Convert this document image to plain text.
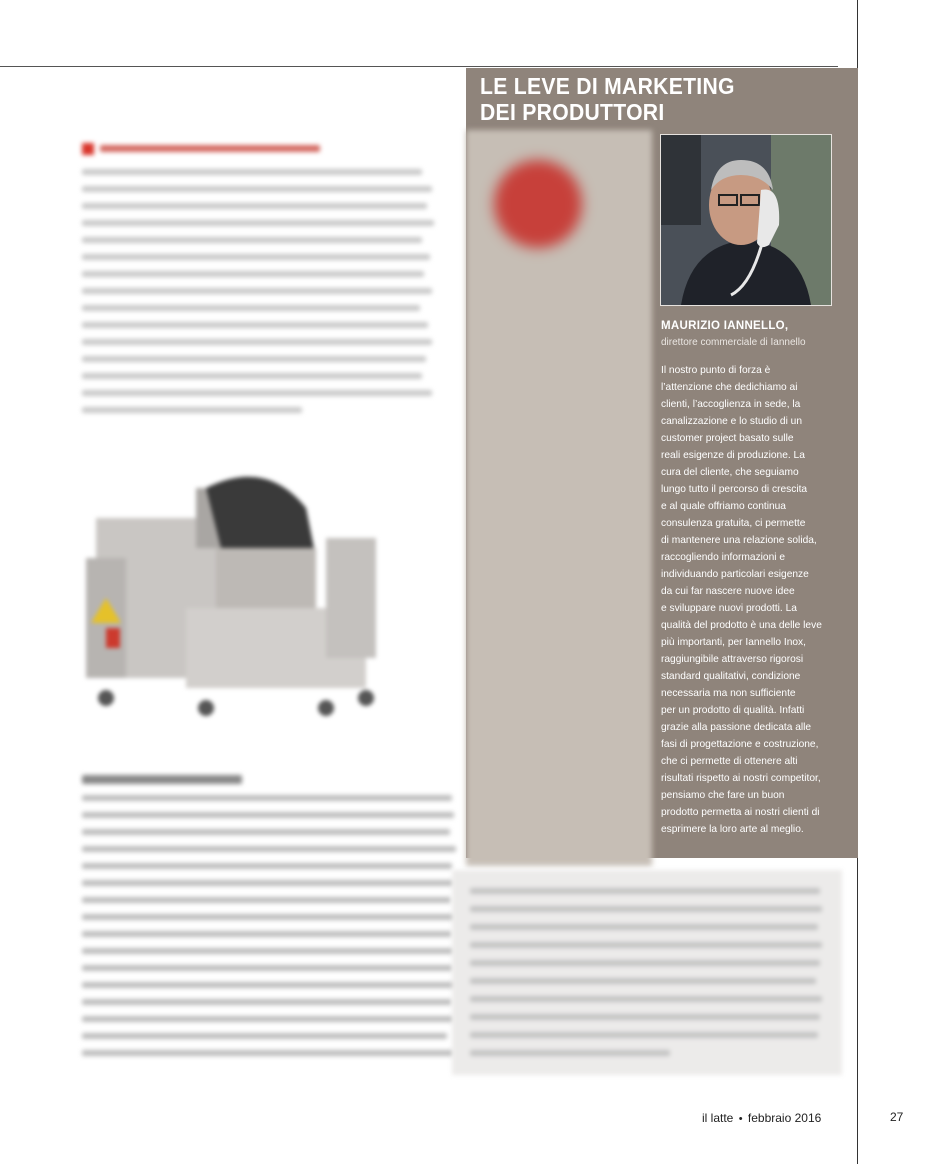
LE LEVE DI MARKETING
DEI PRODUTTORI
MAURIZIO IANNELLO,
direttore commerciale di Iannello
Il nostro punto di forza è
l’attenzione che dedichiamo ai
clienti, l’accoglienza in sede, la
canalizzazione e lo studio di un
customer project basato sulle
reali esigenze di produzione. La
cura del cliente, che seguiamo
lungo tutto il percorso di crescita
e al quale offriamo continua
consulenza gratuita, ci permette
di mantenere una relazione solida,
raccogliendo informazioni e
individuando particolari esigenze
da cui far nascere nuove idee
e sviluppare nuovi prodotti. La
qualità del prodotto è una delle leve
più importanti, per Iannello Inox,
raggiungibile attraverso rigorosi
standard qualitativi, condizione
necessaria ma non sufficiente
per un prodotto di qualità. Infatti
grazie alla passione dedicata alle
fasi di progettazione e costruzione,
che ci permette di ottenere alti
risultati rispetto ai nostri competitor,
pensiamo che fare un buon
prodotto permetta ai nostri clienti di
esprimere la loro arte al meglio.
il latte • febbraio 2016	27
